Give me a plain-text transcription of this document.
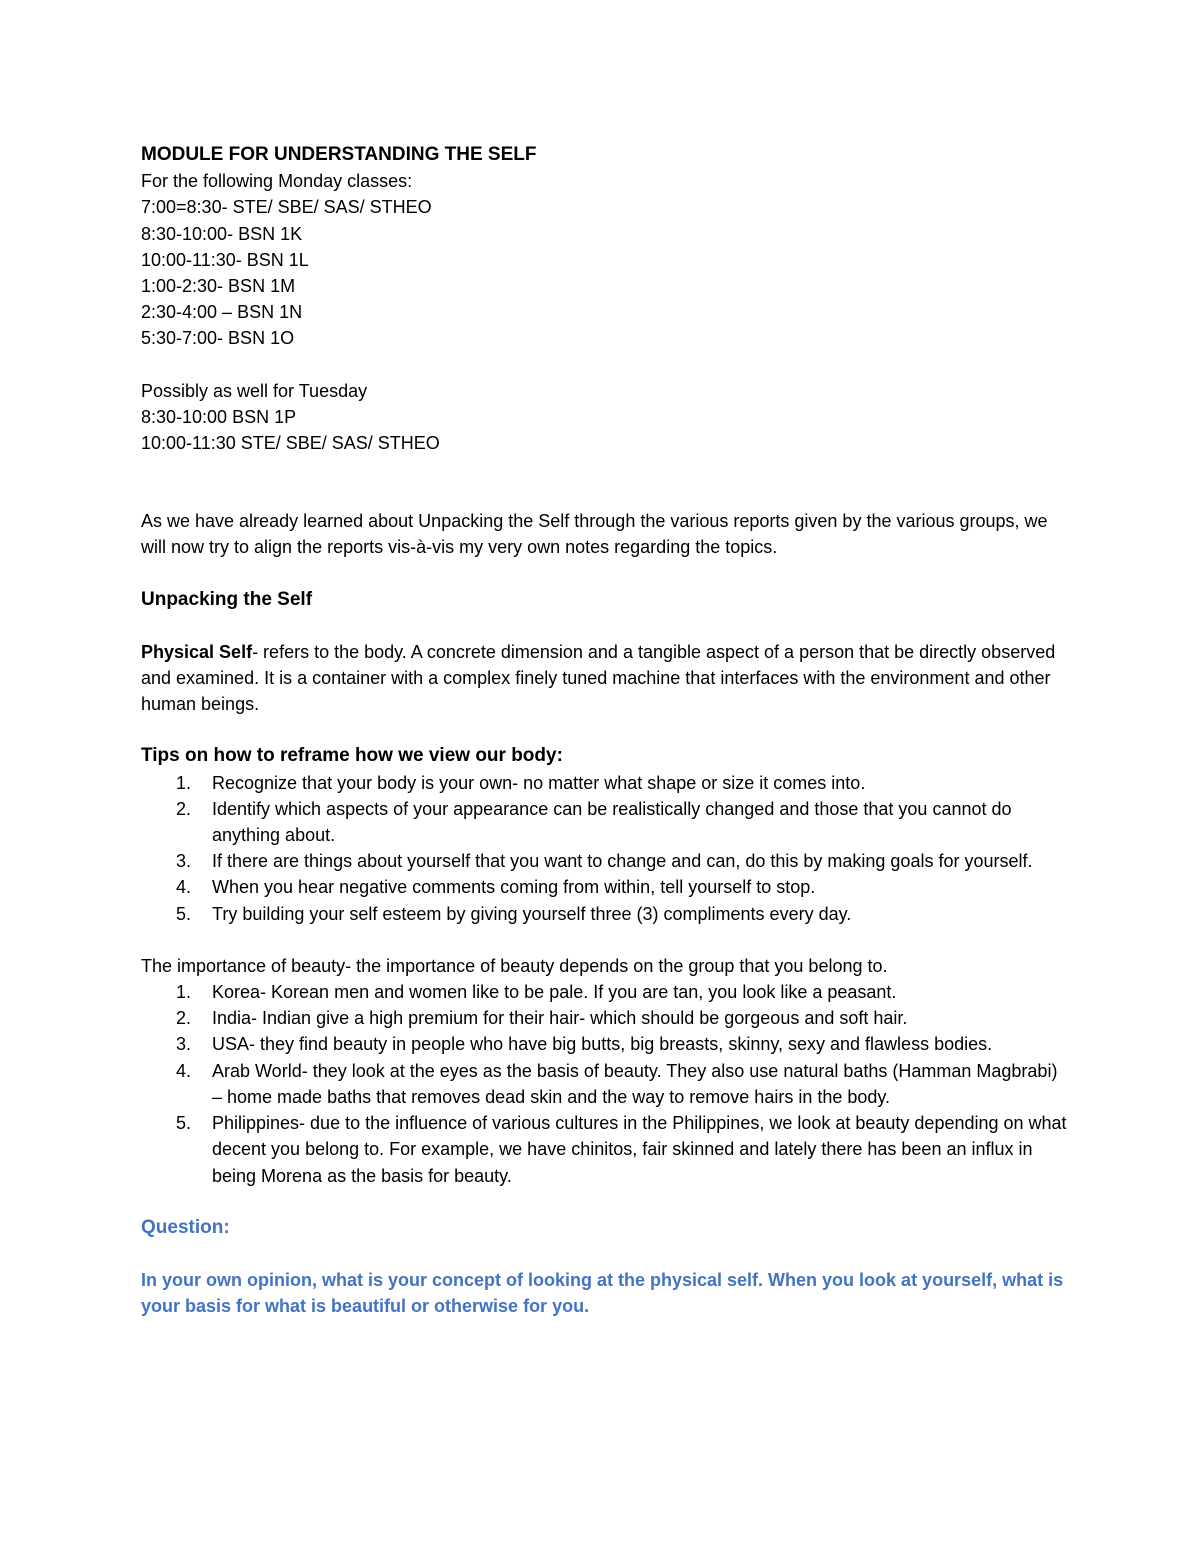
MODULE FOR UNDERSTANDING THE SELF
For the following Monday classes:
7:00=8:30- STE/ SBE/ SAS/ STHEO
8:30-10:00- BSN 1K
10:00-11:30- BSN 1L
1:00-2:30- BSN 1M
2:30-4:00 – BSN 1N
5:30-7:00- BSN 1O
Possibly as well for Tuesday
8:30-10:00 BSN 1P
10:00-11:30 STE/ SBE/ SAS/ STHEO

As we have already learned about Unpacking the Self through the various reports given by the various groups, we will now try to align the reports vis-à-vis my very own notes regarding the topics.

Unpacking the Self

Physical Self- refers to the body. A concrete dimension and a tangible aspect of a person that be directly observed and examined. It is a container with a complex finely tuned machine that interfaces with the environment and other human beings.

Tips on how to reframe how we view our body:
1.	Recognize that your body is your own- no matter what shape or size it comes into.
2.	Identify which aspects of your appearance can be realistically changed and those that you cannot do anything about.
3.	If there are things about yourself that you want to change and can, do this by making goals for yourself.
4.	When you hear negative comments coming from within, tell yourself to stop.
5.	Try building your self esteem by giving yourself three (3) compliments every day.

The importance of beauty- the importance of beauty depends on the group that you belong to.

1.	Korea- Korean men and women like to be pale. If you are tan, you look like a peasant.
2.	India- Indian give a high premium for their hair- which should be gorgeous and soft hair.
3.	USA- they find beauty in people who have big butts, big breasts, skinny, sexy and flawless bodies.
4.	Arab World- they look at the eyes as the basis of beauty. They also use natural baths (Hamman Magbrabi) – home made baths that removes dead skin and the way to remove hairs in the body.
5.	Philippines- due to the influence of various cultures in the Philippines, we look at beauty depending on what decent you belong to. For example, we have chinitos, fair skinned and lately there has been an influx in being Morena as the basis for beauty.
Question:

In your own opinion, what is your concept of looking at the physical self. When you look at yourself, what is your basis for what is beautiful or otherwise for you.
